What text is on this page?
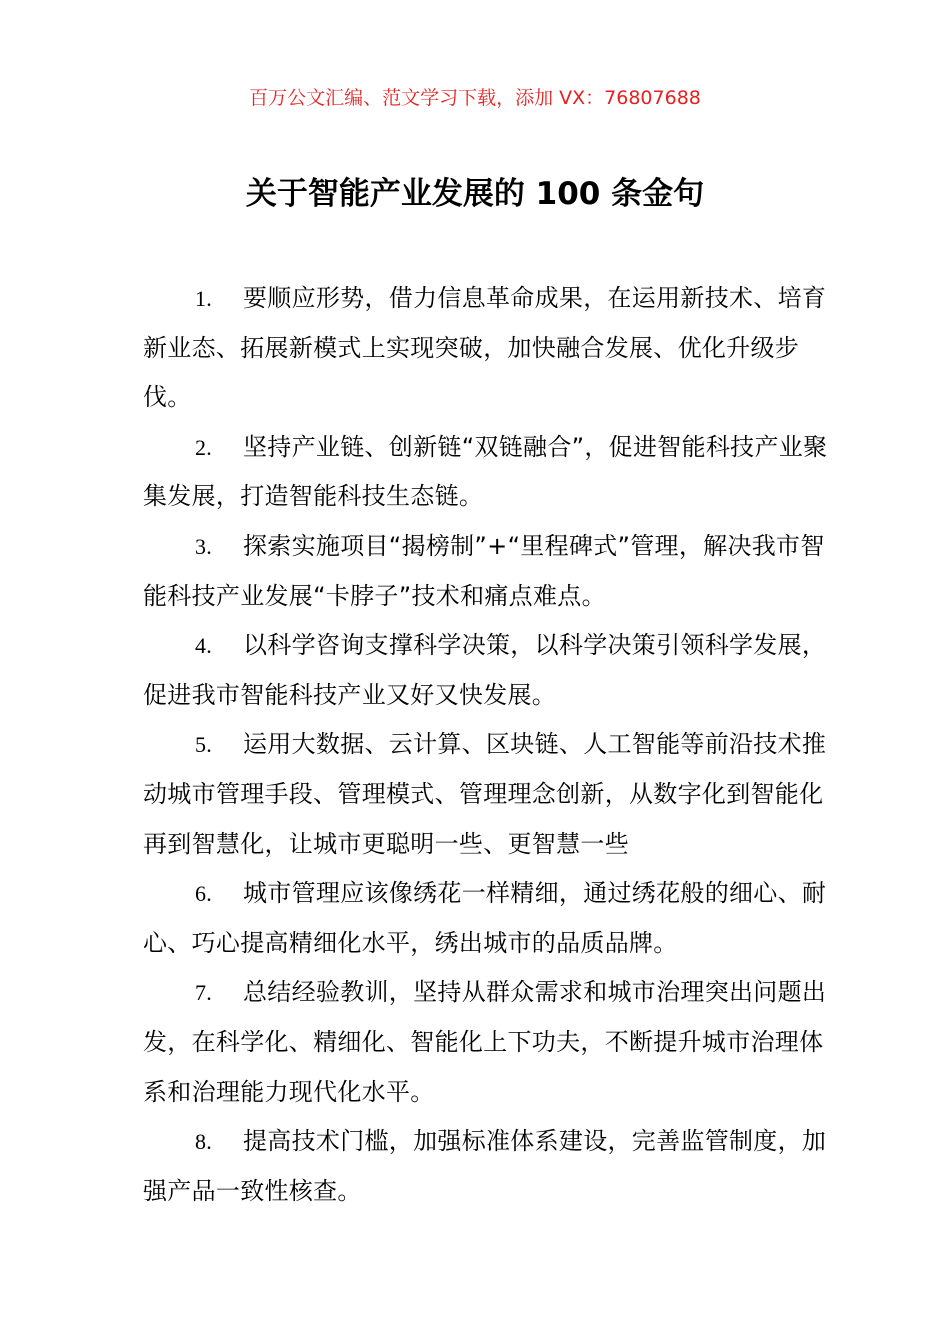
百万公文汇编、范文学习下载，添加 VX：76807688
关于智能产业发展的 100 条金句

1. 要顺应形势，借力信息革命成果，在运用新技术、培育新业态、拓展新模式上实现突破，加快融合发展、优化升级步伐。

2. 坚持产业链、创新链“双链融合”，促进智能科技产业聚集发展，打造智能科技生态链。

3. 探索实施项目“揭榜制”+“里程碑式”管理，解决我市智能科技产业发展“卡脖子”技术和痛点难点。

4. 以科学咨询支撑科学决策，以科学决策引领科学发展，促进我市智能科技产业又好又快发展。

5. 运用大数据、云计算、区块链、人工智能等前沿技术推动城市管理手段、管理模式、管理理念创新，从数字化到智能化再到智慧化，让城市更聪明一些、更智慧一些

6. 城市管理应该像绣花一样精细，通过绣花般的细心、耐心、巧心提高精细化水平，绣出城市的品质品牌。

7. 总结经验教训，坚持从群众需求和城市治理突出问题出发，在科学化、精细化、智能化上下功夫，不断提升城市治理体系和治理能力现代化水平。

8. 提高技术门槛，加强标准体系建设，完善监管制度，加强产品一致性核查。
